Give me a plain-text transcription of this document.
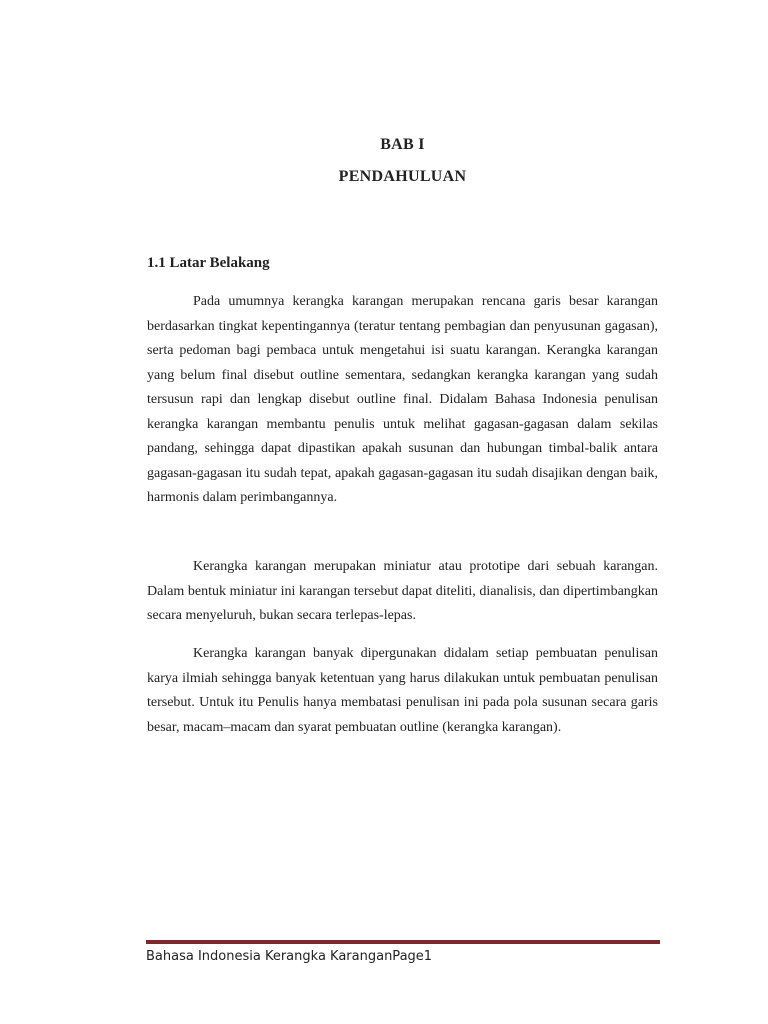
BAB I
PENDAHULUAN
1.1 Latar Belakang

Pada umumnya kerangka karangan merupakan rencana garis besar karangan berdasarkan tingkat kepentingannya (teratur tentang pembagian dan penyusunan gagasan), serta pedoman bagi pembaca untuk mengetahui isi suatu karangan. Kerangka karangan yang belum final disebut outline sementara, sedangkan kerangka karangan yang sudah tersusun rapi dan lengkap disebut outline final. Didalam Bahasa Indonesia penulisan kerangka karangan membantu penulis untuk melihat gagasan-gagasan dalam sekilas pandang, sehingga dapat dipastikan apakah susunan dan hubungan timbal-balik antara gagasan-gagasan itu sudah tepat, apakah gagasan-gagasan itu sudah disajikan dengan baik, harmonis dalam perimbangannya.

Kerangka karangan merupakan miniatur atau prototipe dari sebuah karangan. Dalam bentuk miniatur ini karangan tersebut dapat diteliti, dianalisis, dan dipertimbangkan secara menyeluruh, bukan secara terlepas-lepas.

Kerangka karangan banyak dipergunakan didalam setiap pembuatan penulisan karya ilmiah sehingga banyak ketentuan yang harus dilakukan untuk pembuatan penulisan tersebut. Untuk itu Penulis hanya membatasi penulisan ini pada pola susunan secara garis besar, macam–macam dan syarat pembuatan outline (kerangka karangan).

Bahasa Indonesia Kerangka KaranganPage1
